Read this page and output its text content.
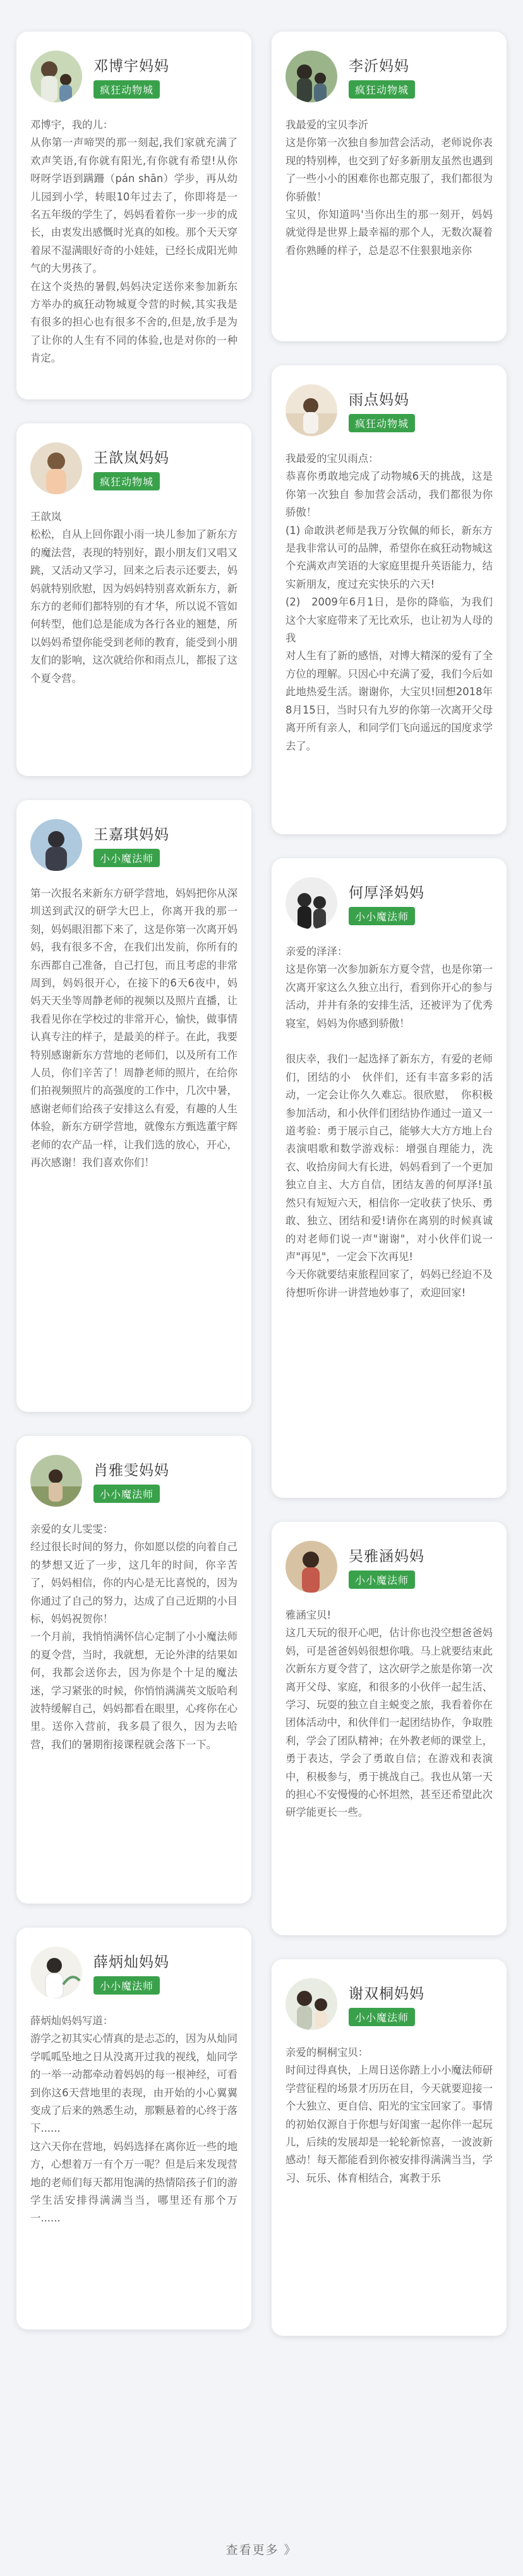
邓博宇妈妈
疯狂动物城
邓博宇，我的儿：
从你第一声啼哭的那一刻起,我们家就充满了欢声笑语,有你就有阳光,有你就有希望!从你呀呀学语到蹒跚（pán shān）学步，再从幼儿园到小学，转眼10年过去了，你即将是一名五年级的学生了，妈妈看着你一步一步的成长，由衷发出感慨时光真的如梭。那个天天穿着尿不湿满眼好奇的小娃娃，已经长成阳光帅气的大男孩了。
在这个炎热的暑假,妈妈决定送你来参加新东方举办的疯狂动物城夏令营的时候,其实我是有很多的担心也有很多不舍的,但是,放手是为了让你的人生有不同的体验,也是对你的一种肯定。
王歆岚妈妈
疯狂动物城
王歆岚
松松，自从上回你跟小雨一块儿参加了新东方的魔法营，表现的特别好，跟小朋友们又唱又跳，又活动又学习，回来之后表示还要去，妈妈就特别欣慰，因为妈妈特别喜欢新东方，新东方的老师们都特别的有才华，所以说不管如何转型，他们总是能成为各行各业的翘楚，所以妈妈希望你能受到老师的教育，能受到小朋友们的影响，这次就给你和雨点儿，都报了这个夏令营。
王嘉琪妈妈
小小魔法师
第一次报名来新东方研学营地，妈妈把你从深圳送到武汉的研学大巴上，你离开我的那一刻，妈妈眼泪都下来了，这是你第一次离开妈妈，我有很多不舍，在我们出发前，你所有的东西都自己准备，自己打包，而且考虑的非常周到，妈妈很开心，在接下的6天6夜中，妈妈天天坐等周静老师的视频以及照片直播，让我看见你在学校过的非常开心，愉快，做事情认真专注的样子，是最美的样子。在此，我要特别感谢新东方营地的老师们，以及所有工作人员，你们辛苦了！周静老师的照片，在给你们拍视频照片的高强度的工作中，几次中暑，感谢老师们给孩子安排这么有爱，有趣的人生体验，新东方研学营地，就像东方甄选董宇辉老师的农产品一样，让我们选的放心，开心，再次感谢！我们喜欢你们！
肖雅雯妈妈
小小魔法师
亲爱的女儿雯雯：
经过很长时间的努力，你如愿以偿的向着自己的梦想又近了一步，这几年的时间，你辛苦了，妈妈相信，你的内心是无比喜悦的，因为你通过了自己的努力，达成了自己近期的小目标，妈妈祝贺你！
一个月前，我悄悄满怀信心定制了小小魔法师的夏令营，当时，我就想，无论外津的结果如何，我都会送你去，因为你是个十足的魔法迷，学习紧张的时候，你悄悄满满英文版哈利波特缓解自己，妈妈都看在眼里，心疼你在心里。送你入营前，我多晨了很久，因为去哈营，我们的暑期衔接课程就会落下一下。
薛炳灿妈妈
小小魔法师
薛炳灿妈妈写道：
游学之初其实心情真的是忐忑的，因为从灿同学呱呱坠地之日从没离开过我的视线，灿同学的一举一动都牵动着妈妈的每一根神经，可看到你这6天营地里的表现，由开始的小心翼翼变成了后来的熟悉生动，那颗悬着的心终于落下......
这六天你在营地，妈妈选择在离你近一些的地方，心想着万一有个万一呢？但是后来发现营地的老师们每天都用饱满的热情陪孩子们的游学生活安排得满满当当，哪里还有那个万一......
李沂妈妈
疯狂动物城
我最爱的宝贝李沂
这是你第一次独自参加营会活动，老师说你表现的特别棒，也交到了好多新朋友虽然也遇到了一些小小的困难你也都克服了，我们都很为你骄傲！
宝贝，你知道吗'当你出生的那一刻开，妈妈就觉得是世界上最幸福的那个人，无数次凝着看你熟睡的样子，总是忍不住狠狠地亲你
雨点妈妈
疯狂动物城
我最爱的宝贝雨点：
恭喜你勇敢地完成了动物城6天的挑战，这是你第一次独自 参加营会活动，我们都很为你骄傲！
(1) 命敢洪老师是我万分钦佩的师长，新东方是我非常认可的品牌，希望你在疯狂动物城这
个充满欢声笑语的大家庭里提升英语能力，结实新朋友，度过充实快乐的六天!
(2)　2009年6月1日，是你的降临，为我们这个大家庭带来了无比欢乐，也让初为人母的我
对人生有了新的感悟，对博大精深的爱有了全方位的理解。只因心中充满了爱，我们今后如此地热爱生活。谢谢你，大宝贝!回想2018年8月15日，当时只有九岁的你第一次离开父母离开所有亲人，和同学们飞向遥远的国度求学去了。
何厚泽妈妈
小小魔法师
亲爱的泽泽：
这是你第一次参加新东方夏令营，也是你第一次离开家这么久独立出行，看到你开心的参与活动，并井有条的安排生活，还被评为了优秀寝室，妈妈为你感到骄傲！

很庆幸，我们一起选择了新东方，有爱的老师们，团结的小　伙伴们，还有丰富多彩的活动，一定会让你久久难忘。很欣慰，　你积极参加活动，和小伙伴们团结协作通过一道又一　道考验：勇于展示自己，能够大大方方地上台表演唱歌和数学游戏标：增强自理能力，洗衣、收拾房间大有长进，妈妈看到了一个更加独立自主、大方自信，团结友善的何厚泽!虽然只有短短六天，相信你一定收获了快乐、勇敢、独立、团结和爱!请你在离别的时候真诚的对老师们说一声"谢谢"，对小伙伴们说一声"再见"，一定会下次再见!
今天你就要结束旅程回家了，妈妈已经迫不及待想听你讲一讲营地妙事了，欢迎回家!
吴雅涵妈妈
小小魔法师
雅涵宝贝!
这几天玩的很开心吧，估计你也没空想爸爸妈妈，可是爸爸妈妈很想你哦。马上就要结束此次新东方夏令营了，这次研学之旅是你第一次离开父母、家庭，和很多的小伙伴一起生活、学习、玩耍的独立自主蜕变之旅，我看着你在团体活动中，和伙伴们一起团结协作，争取胜利，学会了团队精神；在外教老师的课堂上，勇于表达，学会了勇敢自信；在游戏和表演中，积极参与，勇于挑战自己。我也从第一天的担心不安慢慢的心怀坦然，甚至还希望此次研学能更长一些。
谢双桐妈妈
小小魔法师
亲爱的桐桐宝贝：
时间过得真快，上周日送你踏上小小魔法师研学营征程的场景才历历在目，今天就要迎接一个大独立、更自信、阳光的宝宝回家了。事情的初始仅源自于你想与好闺蜜一起你伴一起玩儿，后续的发展却是一轮轮新惊喜，一波波新感动！每天都能看到你被安排得满满当当，学习、玩乐、体育相结合，寓教于乐
查看更多 》
